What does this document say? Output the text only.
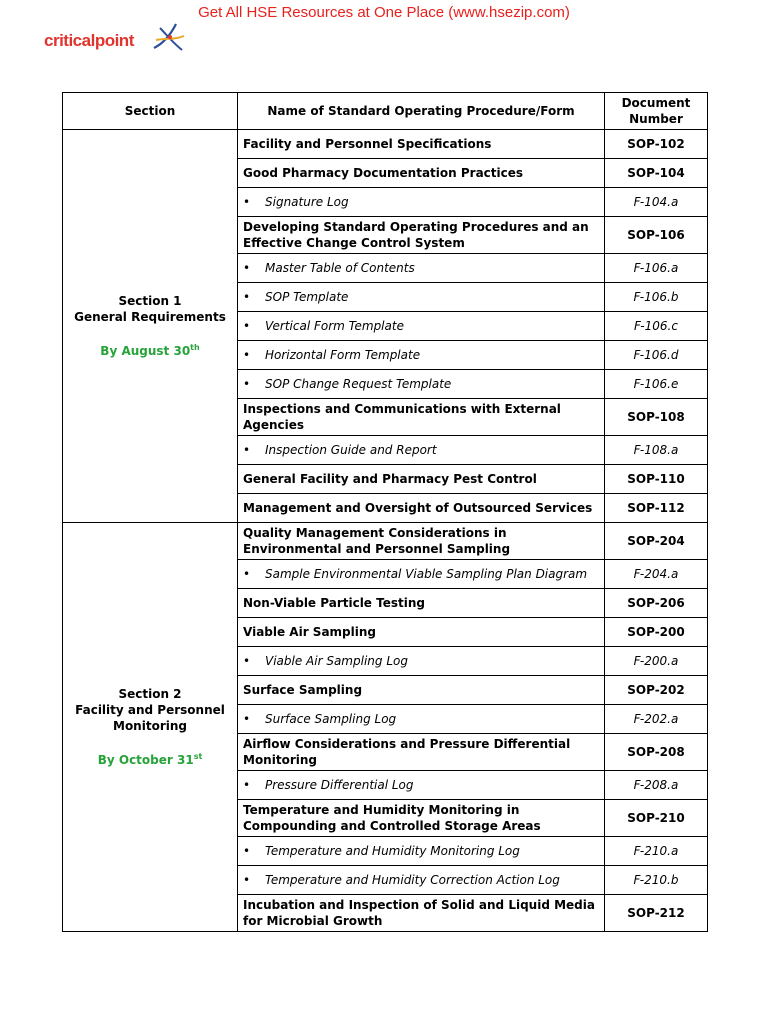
Get All HSE Resources at One Place (www.hsezip.com)
criticalpoint
Section	Name of Standard Operating Procedure/Form	Document Number

Section 1
General Requirements
By August 30th	Facility and Personnel Specifications	SOP-102
	Good Pharmacy Documentation Practices	SOP-104
	• Signature Log	F-104.a
	Developing Standard Operating Procedures and an Effective Change Control System	SOP-106
	• Master Table of Contents	F-106.a
	• SOP Template	F-106.b
	• Vertical Form Template	F-106.c
	• Horizontal Form Template	F-106.d
	• SOP Change Request Template	F-106.e
	Inspections and Communications with External Agencies	SOP-108
	• Inspection Guide and Report	F-108.a
	General Facility and Pharmacy Pest Control	SOP-110
	Management and Oversight of Outsourced Services	SOP-112

Section 2
Facility and Personnel Monitoring
By October 31st	Quality Management Considerations in Environmental and Personnel Sampling	SOP-204
	• Sample Environmental Viable Sampling Plan Diagram	F-204.a
	Non-Viable Particle Testing	SOP-206
	Viable Air Sampling	SOP-200
	• Viable Air Sampling Log	F-200.a
	Surface Sampling	SOP-202
	• Surface Sampling Log	F-202.a
	Airflow Considerations and Pressure Differential Monitoring	SOP-208
	• Pressure Differential Log	F-208.a
	Temperature and Humidity Monitoring in Compounding and Controlled Storage Areas	SOP-210
	• Temperature and Humidity Monitoring Log	F-210.a
	• Temperature and Humidity Correction Action Log	F-210.b
	Incubation and Inspection of Solid and Liquid Media for Microbial Growth	SOP-212
